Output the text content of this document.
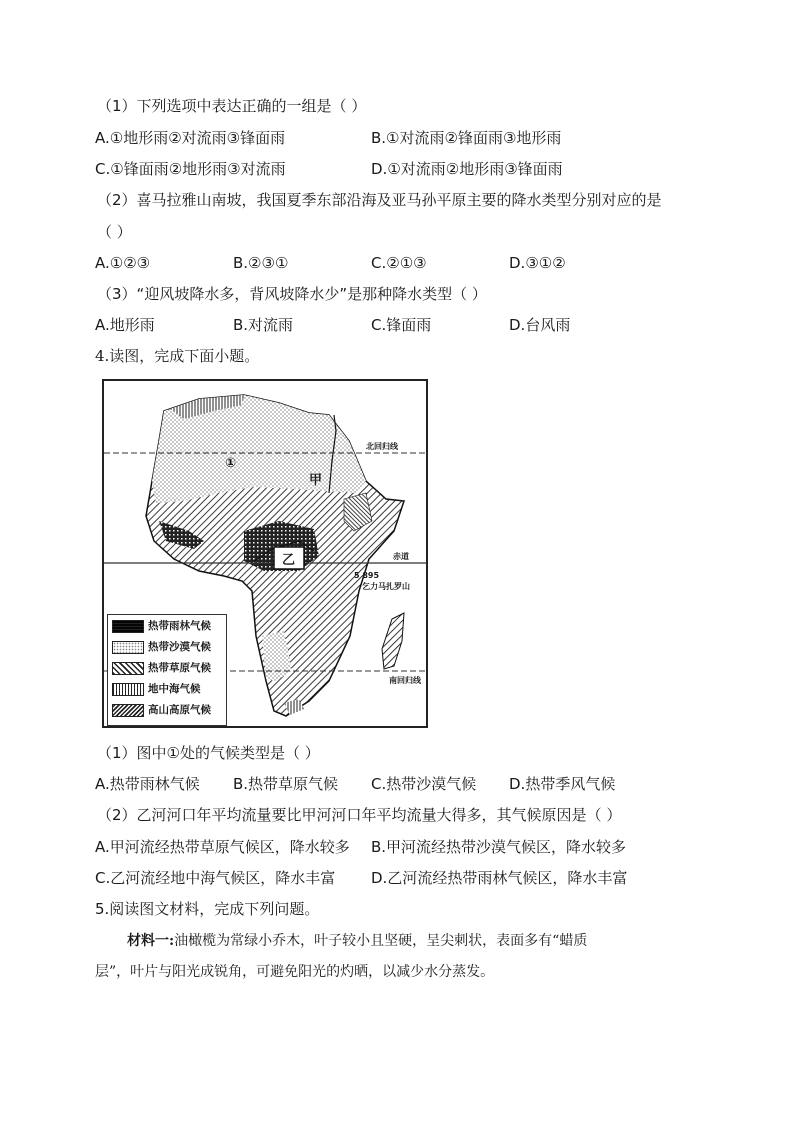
（1）下列选项中表达正确的一组是（ ）
A.①地形雨②对流雨③锋面雨	B.①对流雨②锋面雨③地形雨
C.①锋面雨②地形雨③对流雨	D.①对流雨②地形雨③锋面雨
（2）喜马拉雅山南坡，我国夏季东部沿海及亚马孙平原主要的降水类型分别对应的是
（ ）
A.①②③	B.②③①	C.②①③	D.③①②
（3）“迎风坡降水多，背风坡降水少”是那种降水类型（ ）
A.地形雨	B.对流雨	C.锋面雨	D.台风雨
4.读图，完成下面小题。
北回归线
赤道
5 895
乞力马扎罗山
南回归线
①
甲
乙
热带雨林气候
热带沙漠气候
热带草原气候
地中海气候
高山高原气候
（1）图中①处的气候类型是（ ）
A.热带雨林气候 B.热带草原气候 C.热带沙漠气候 D.热带季风气候
（2）乙河河口年平均流量要比甲河河口年平均流量大得多，其气候原因是（ ）
A.甲河流经热带草原气候区，降水较多 B.甲河流经热带沙漠气候区，降水较多
C.乙河流经地中海气候区，降水丰富 D.乙河流经热带雨林气候区，降水丰富
5.阅读图文材料，完成下列问题。
材料一:油橄榄为常绿小乔木，叶子较小且坚硬，呈尖刺状，表面多有“蜡质
层”，叶片与阳光成锐角，可避免阳光的灼晒，以减少水分蒸发。
